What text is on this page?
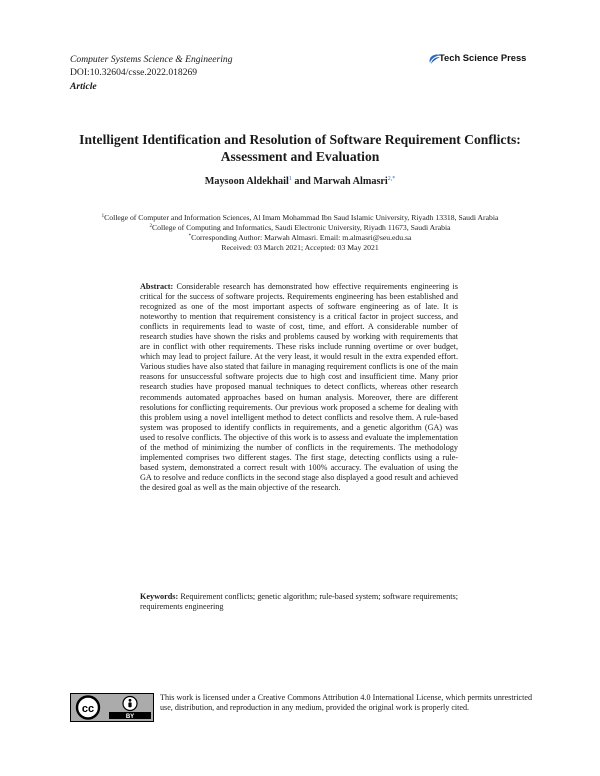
Computer Systems Science & Engineering
DOI:10.32604/csse.2022.018269
Article
Tech Science Press
Intelligent Identification and Resolution of Software Requirement Conflicts:
Assessment and Evaluation
Maysoon Aldekhail$^1$ and Marwah Almasri$^{2,*}$
$^1$College of Computer and Information Sciences, Al Imam Mohammad Ibn Saud Islamic University, Riyadh 13318, Saudi Arabia
$^2$College of Computing and Informatics, Saudi Electronic University, Riyadh 11673, Saudi Arabia
*Corresponding Author: Marwah Almasri. Email: m.almasri@seu.edu.sa
Received: 03 March 2021; Accepted: 03 May 2021
Abstract: Considerable research has demonstrated how effective requirements engineering is critical for the success of software projects. Requirements engineering has been established and recognized as one of the most important aspects of software engineering as of late. It is noteworthy to mention that requirement consistency is a critical factor in project success, and conflicts in requirements lead to waste of cost, time, and effort. A considerable number of research studies have shown the risks and problems caused by working with requirements that are in conflict with other requirements. These risks include running overtime or over budget, which may lead to project failure. At the very least, it would result in the extra expended effort. Various studies have also stated that failure in managing requirement conflicts is one of the main reasons for unsuccessful software projects due to high cost and insufficient time. Many prior research studies have proposed manual techniques to detect conflicts, whereas other research recommends automated approaches based on human analysis. Moreover, there are different resolutions for conflicting requirements. Our previous work proposed a scheme for dealing with this problem using a novel intelligent method to detect conflicts and resolve them. A rule-based system was proposed to identify conflicts in requirements, and a genetic algorithm (GA) was used to resolve conflicts. The objective of this work is to assess and evaluate the implementation of the method of minimizing the number of conflicts in the requirements. The methodology implemented comprises two different stages. The first stage, detecting conflicts using a rule-based system, demonstrated a correct result with 100% accuracy. The evaluation of using the GA to resolve and reduce conflicts in the second stage also displayed a good result and achieved the desired goal as well as the main objective of the research.
Keywords: Requirement conflicts; genetic algorithm; rule-based system; software requirements; requirements engineering
cc
BY
This work is licensed under a Creative Commons Attribution 4.0 International License, which permits unrestricted use, distribution, and reproduction in any medium, provided the original work is properly cited.
